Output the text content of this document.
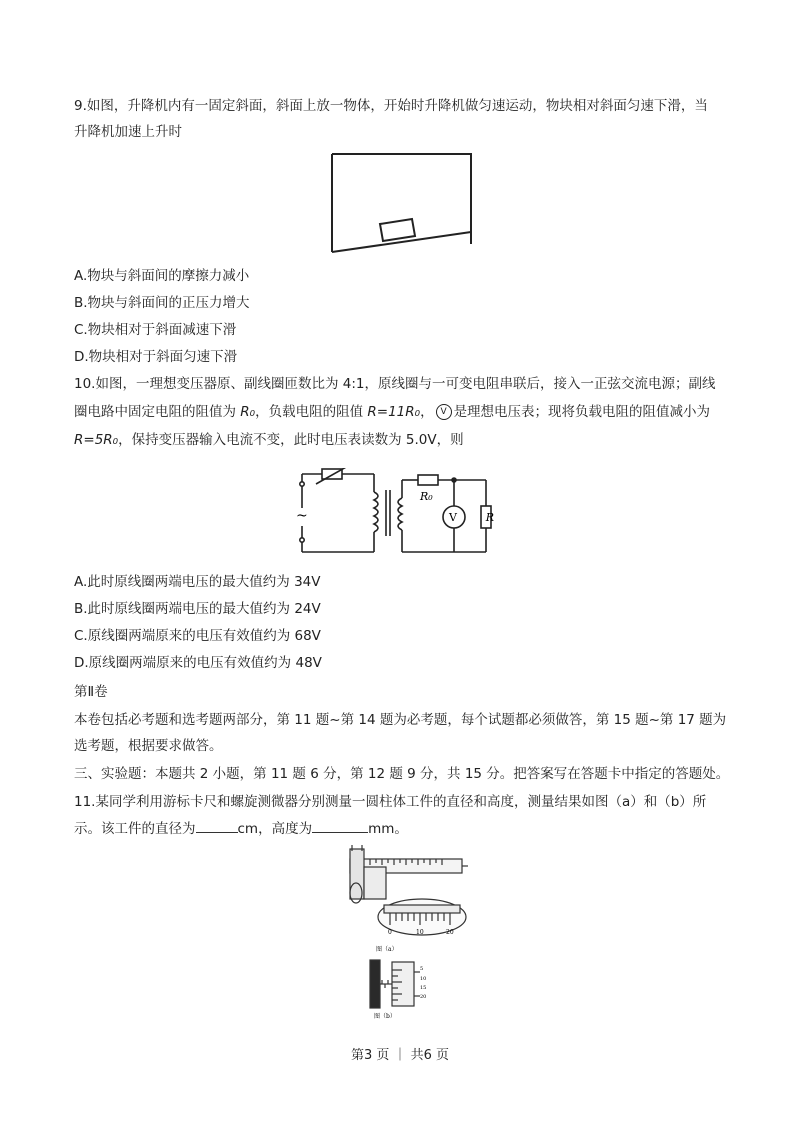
9.如图，升降机内有一固定斜面，斜面上放一物体，开始时升降机做匀速运动，物块相对斜面匀速下滑，当
升降机加速上升时
A.物块与斜面间的摩擦力减小
B.物块与斜面间的正压力增大
C.物块相对于斜面减速下滑
D.物块相对于斜面匀速下滑
10.如图，一理想变压器原、副线圈匝数比为 4:1，原线圈与一可变电阻串联后，接入一正弦交流电源；副线
圈电路中固定电阻的阻值为 R₀，负载电阻的阻值 R=11R₀， V 是理想电压表；现将负载电阻的阻值减小为
R=5R₀，保持变压器输入电流不变，此时电压表读数为 5.0V，则
~
R₀
V	R
A.此时原线圈两端电压的最大值约为 34V
B.此时原线圈两端电压的最大值约为 24V
C.原线圈两端原来的电压有效值约为 68V
D.原线圈两端原来的电压有效值约为 48V
第Ⅱ卷
本卷包括必考题和选考题两部分，第 11 题~第 14 题为必考题，每个试题都必须做答，第 15 题~第 17 题为
选考题，根据要求做答。
三、实验题：本题共 2 小题，第 11 题 6 分，第 12 题 9 分，共 15 分。把答案写在答题卡中指定的答题处。
11.某同学利用游标卡尺和螺旋测微器分别测量一圆柱体工件的直径和高度，测量结果如图（a）和（b）所
示。该工件的直径为	cm，高度为	mm。
0	10	20
图（a）
5
10
15
20
图（b）
第3 页 ｜ 共6 页
